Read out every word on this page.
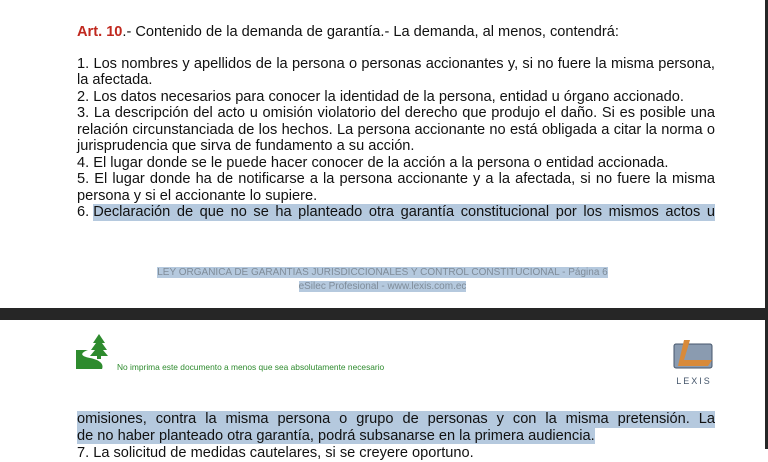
Art. 10.- Contenido de la demanda de garantía.- La demanda, al menos, contendrá:
1. Los nombres y apellidos de la persona o personas accionantes y, si no fuere la misma persona,
la afectada.
2. Los datos necesarios para conocer la identidad de la persona, entidad u órgano accionado.
3. La descripción del acto u omisión violatorio del derecho que produjo el daño. Si es posible una
relación circunstanciada de los hechos. La persona accionante no está obligada a citar la norma o
jurisprudencia que sirva de fundamento a su acción.
4. El lugar donde se le puede hacer conocer de la acción a la persona o entidad accionada.
5. El lugar donde ha de notificarse a la persona accionante y a la afectada, si no fuere la misma
persona y si el accionante lo supiere.
6. Declaración de que no se ha planteado otra garantía constitucional por los mismos actos u
LEY ORGANICA DE GARANTIAS JURISDICCIONALES Y CONTROL CONSTITUCIONAL - Página 6
eSilec Profesional - www.lexis.com.ec
No imprima este documento a menos que sea absolutamente necesario
LEXIS
omisiones, contra la misma persona o grupo de personas y con la misma pretensión. La
de no haber planteado otra garantía, podrá subsanarse en la primera audiencia.
7. La solicitud de medidas cautelares, si se creyere oportuno.
